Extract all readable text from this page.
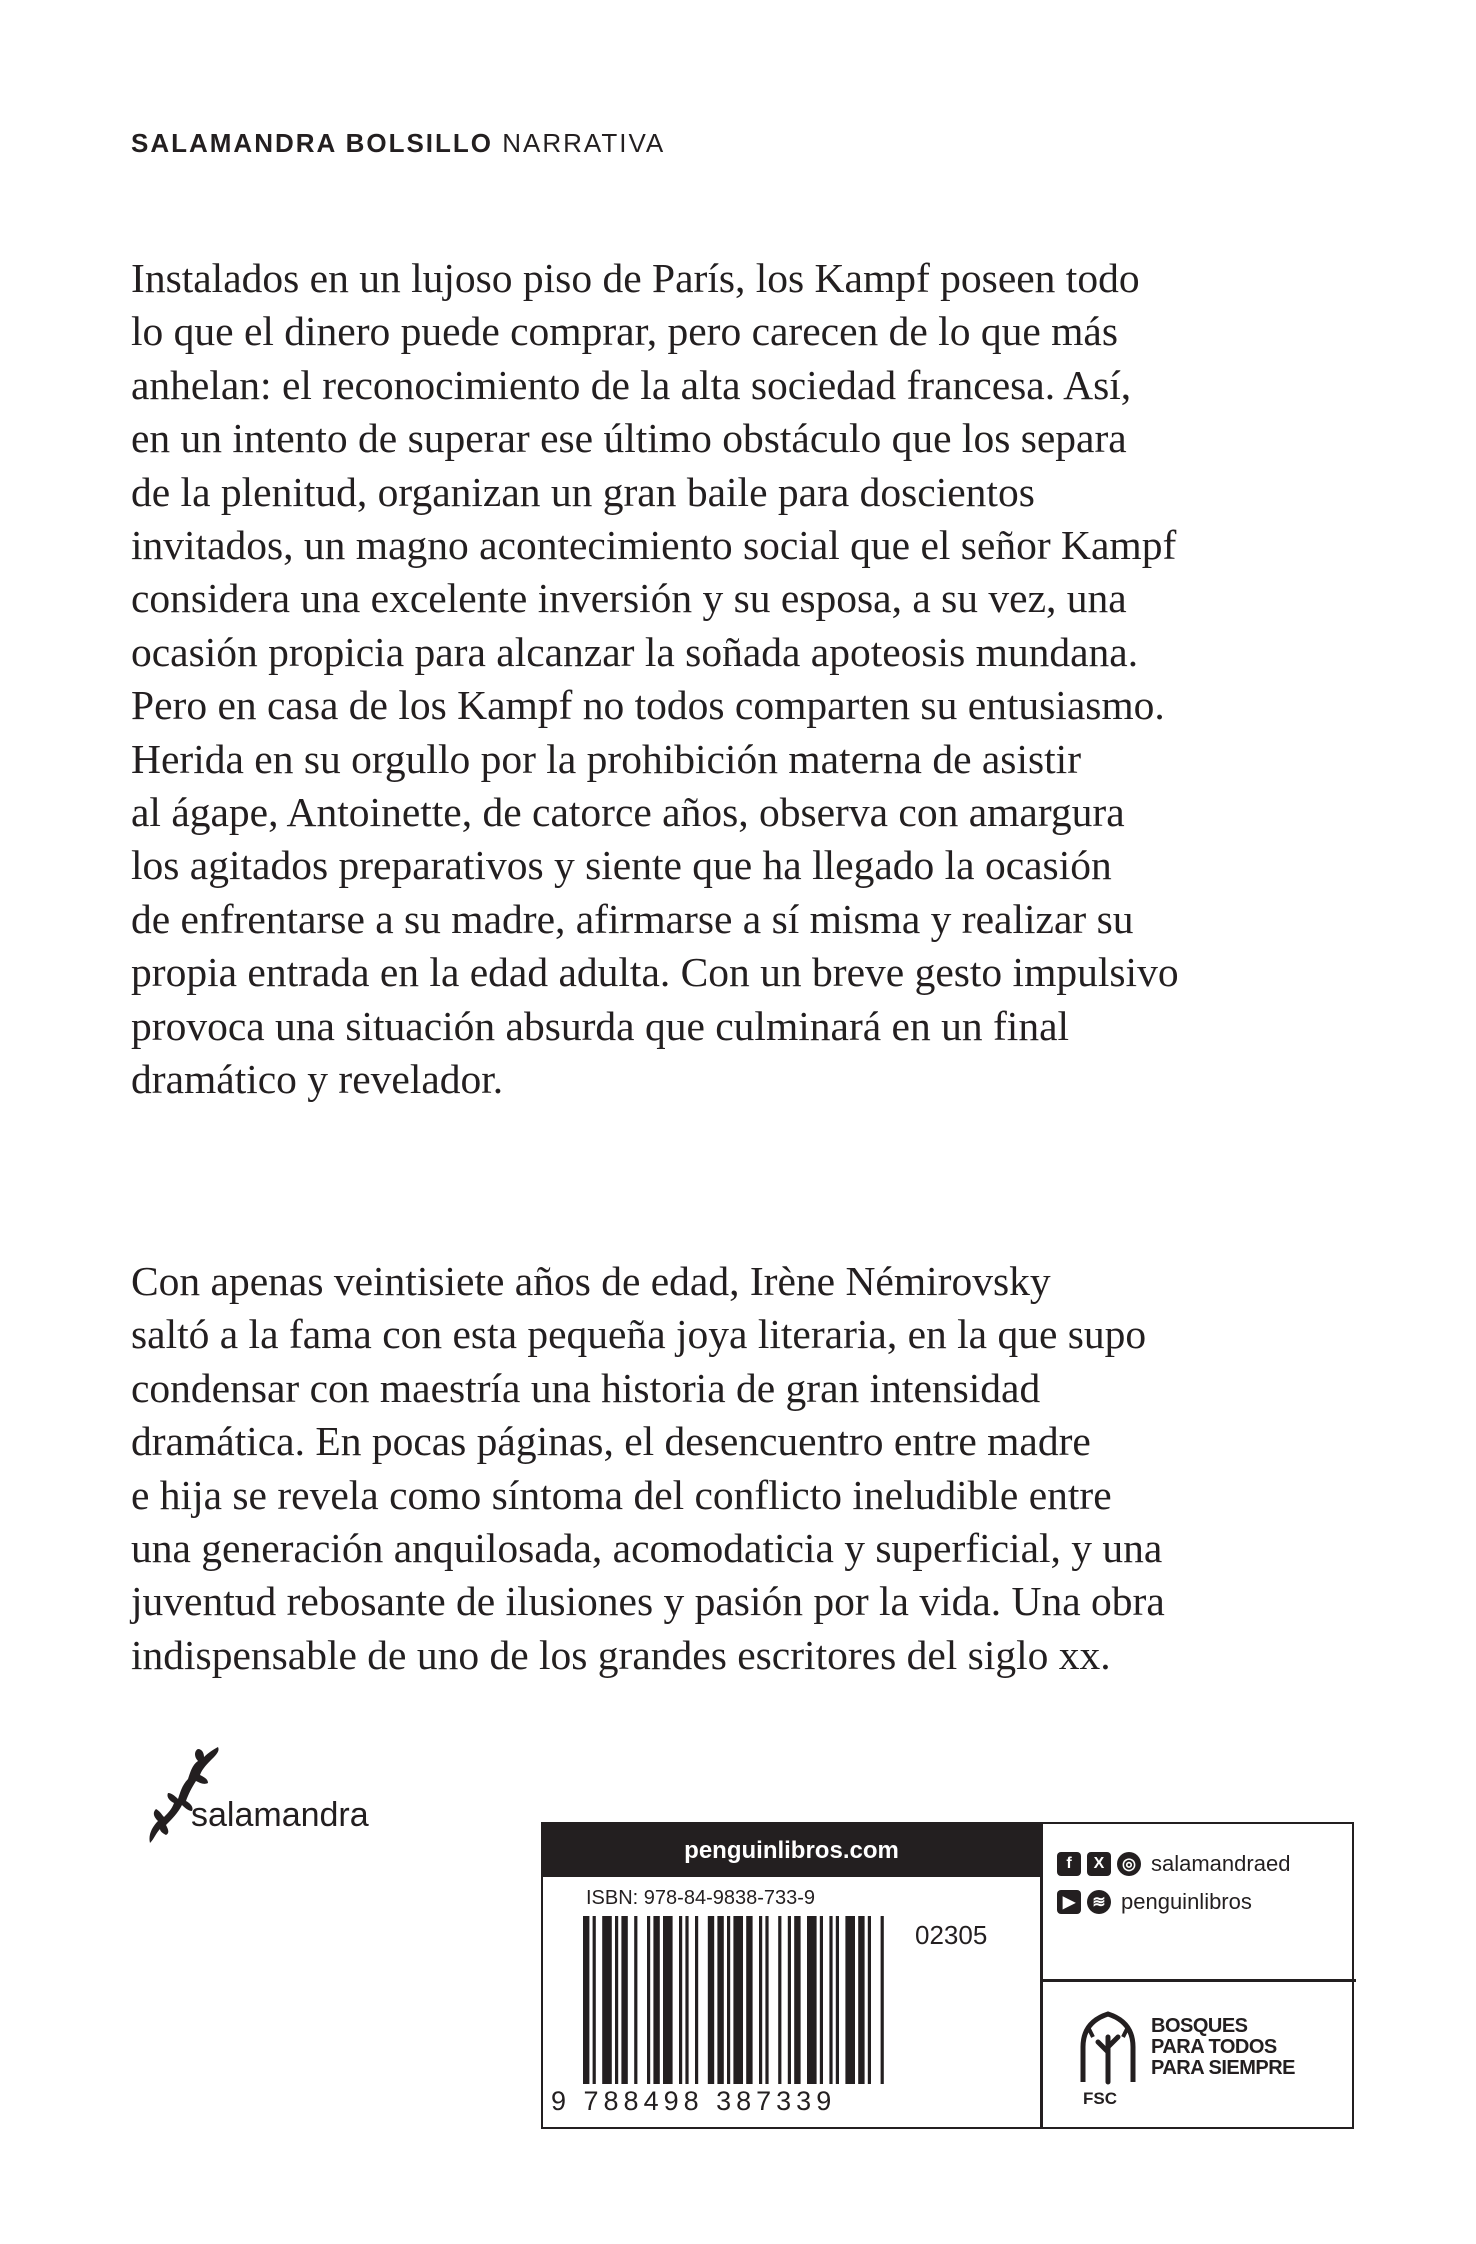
SALAMANDRA BOLSILLO NARRATIVA
Instalados en un lujoso piso de París, los Kampf poseen todo
lo que el dinero puede comprar, pero carecen de lo que más
anhelan: el reconocimiento de la alta sociedad francesa. Así,
en un intento de superar ese último obstáculo que los separa
de la plenitud, organizan un gran baile para doscientos
invitados, un magno acontecimiento social que el señor Kampf
considera una excelente inversión y su esposa, a su vez, una
ocasión propicia para alcanzar la soñada apoteosis mundana.
Pero en casa de los Kampf no todos comparten su entusiasmo.
Herida en su orgullo por la prohibición materna de asistir
al ágape, Antoinette, de catorce años, observa con amargura
los agitados preparativos y siente que ha llegado la ocasión
de enfrentarse a su madre, afirmarse a sí misma y realizar su
propia entrada en la edad adulta. Con un breve gesto impulsivo
provoca una situación absurda que culminará en un final
dramático y revelador.
Con apenas veintisiete años de edad, Irène Némirovsky
saltó a la fama con esta pequeña joya literaria, en la que supo
condensar con maestría una historia de gran intensidad
dramática. En pocas páginas, el desencuentro entre madre
e hija se revela como síntoma del conflicto ineludible entre
una generación anquilosada, acomodaticia y superficial, y una
juventud rebosante de ilusiones y pasión por la vida. Una obra
indispensable de uno de los grandes escritores del siglo xx.
salamandra
penguinlibros.com
ISBN: 978-84-9838-733-9
02305
9 788498 387339
f	X	◎ salamandraed
▶	≋ penguinlibros
FSC
BOSQUES
PARA TODOS
PARA SIEMPRE
